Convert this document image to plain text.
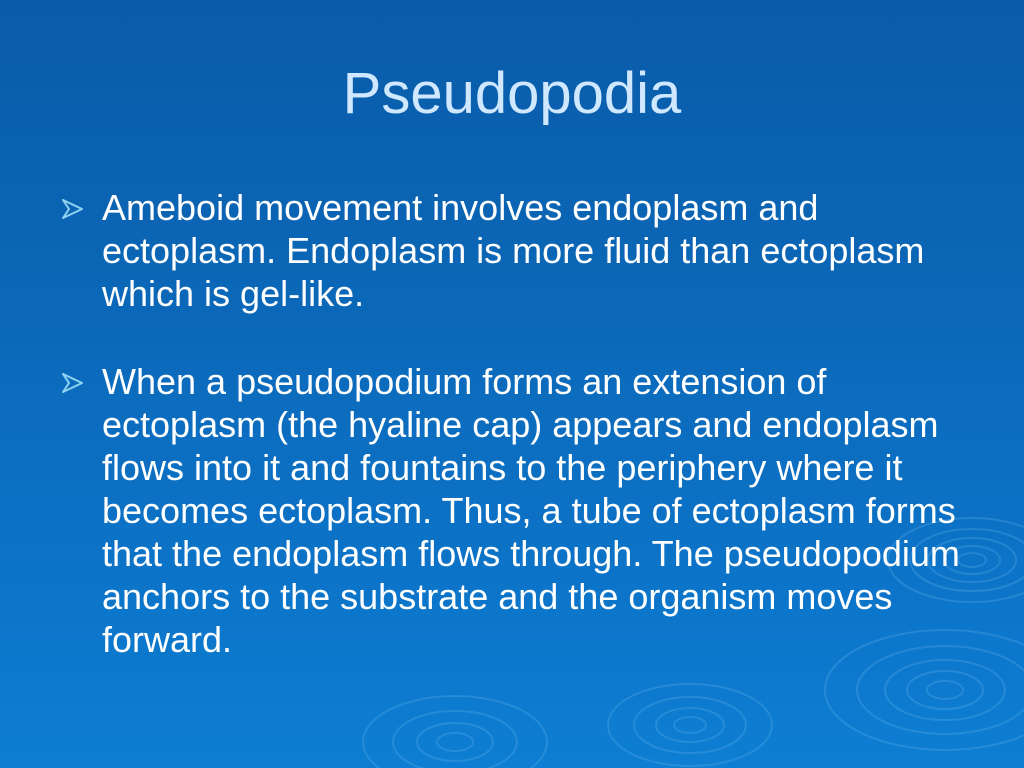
Pseudopodia
Ameboid movement involves endoplasm and ectoplasm. Endoplasm is more fluid than ectoplasm which is gel-like.
When a pseudopodium forms an extension of ectoplasm (the hyaline cap) appears and endoplasm flows into it and fountains to the periphery where it becomes ectoplasm. Thus, a tube of ectoplasm forms that the endoplasm flows through. The pseudopodium anchors to the substrate and the organism moves forward.
